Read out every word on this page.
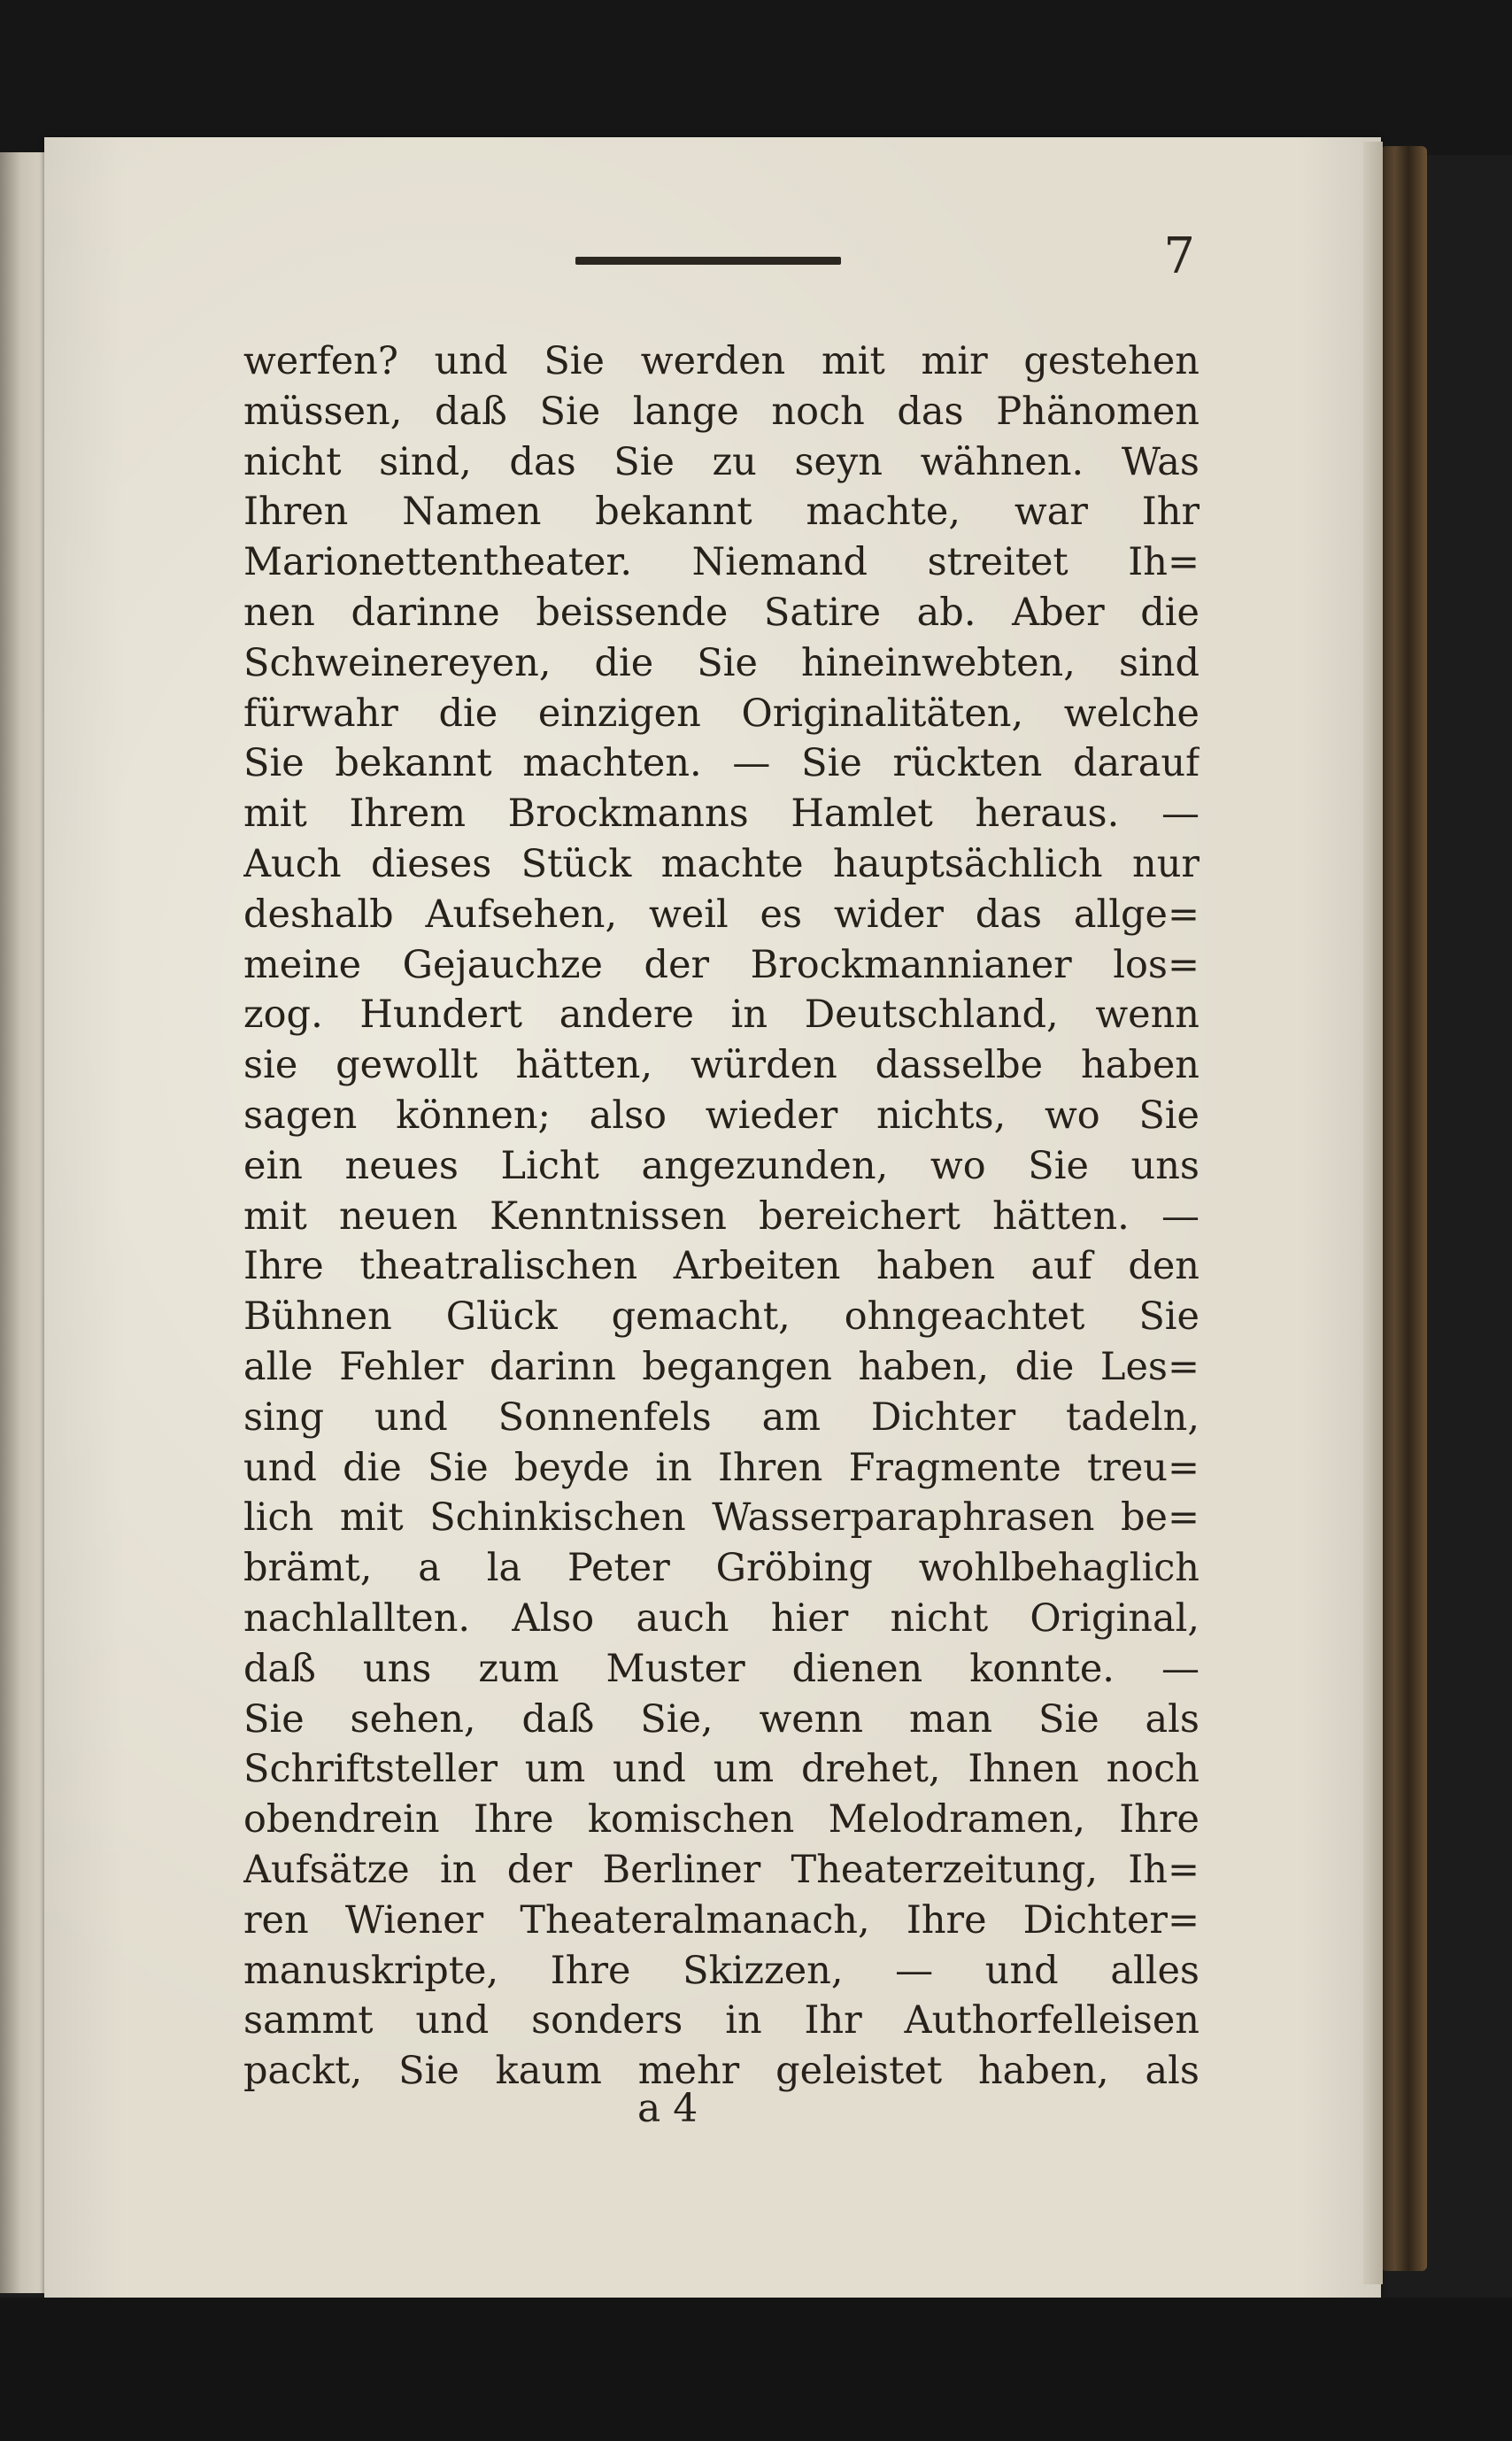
7
werfen? und Sie werden mit mir gestehen
müssen, daß Sie lange noch das Phänomen
nicht sind, das Sie zu seyn wähnen. Was
Ihren Namen bekannt machte, war Ihr
Marionettentheater. Niemand streitet Ih=
nen darinne beissende Satire ab. Aber die
Schweinereyen, die Sie hineinwebten, sind
fürwahr die einzigen Originalitäten, welche
Sie bekannt machten. — Sie rückten darauf
mit Ihrem Brockmanns Hamlet heraus. —
Auch dieses Stück machte hauptsächlich nur
deshalb Aufsehen, weil es wider das allge=
meine Gejauchze der Brockmannianer los=
zog. Hundert andere in Deutschland, wenn
sie gewollt hätten, würden dasselbe haben
sagen können; also wieder nichts, wo Sie
ein neues Licht angezunden, wo Sie uns
mit neuen Kenntnissen bereichert hätten. —
Ihre theatralischen Arbeiten haben auf den
Bühnen Glück gemacht, ohngeachtet Sie
alle Fehler darinn begangen haben, die Les=
sing und Sonnenfels am Dichter tadeln,
und die Sie beyde in Ihren Fragmente treu=
lich mit Schinkischen Wasserparaphrasen be=
brämt, a la Peter Gröbing wohlbehaglich
nachlallten. Also auch hier nicht Original,
daß uns zum Muster dienen konnte. —
Sie sehen, daß Sie, wenn man Sie als
Schriftsteller um und um drehet, Ihnen noch
obendrein Ihre komischen Melodramen, Ihre
Aufsätze in der Berliner Theaterzeitung, Ih=
ren Wiener Theateralmanach, Ihre Dichter=
manuskripte, Ihre Skizzen, — und alles
sammt und sonders in Ihr Authorfelleisen
packt, Sie kaum mehr geleistet haben, als
a 4
